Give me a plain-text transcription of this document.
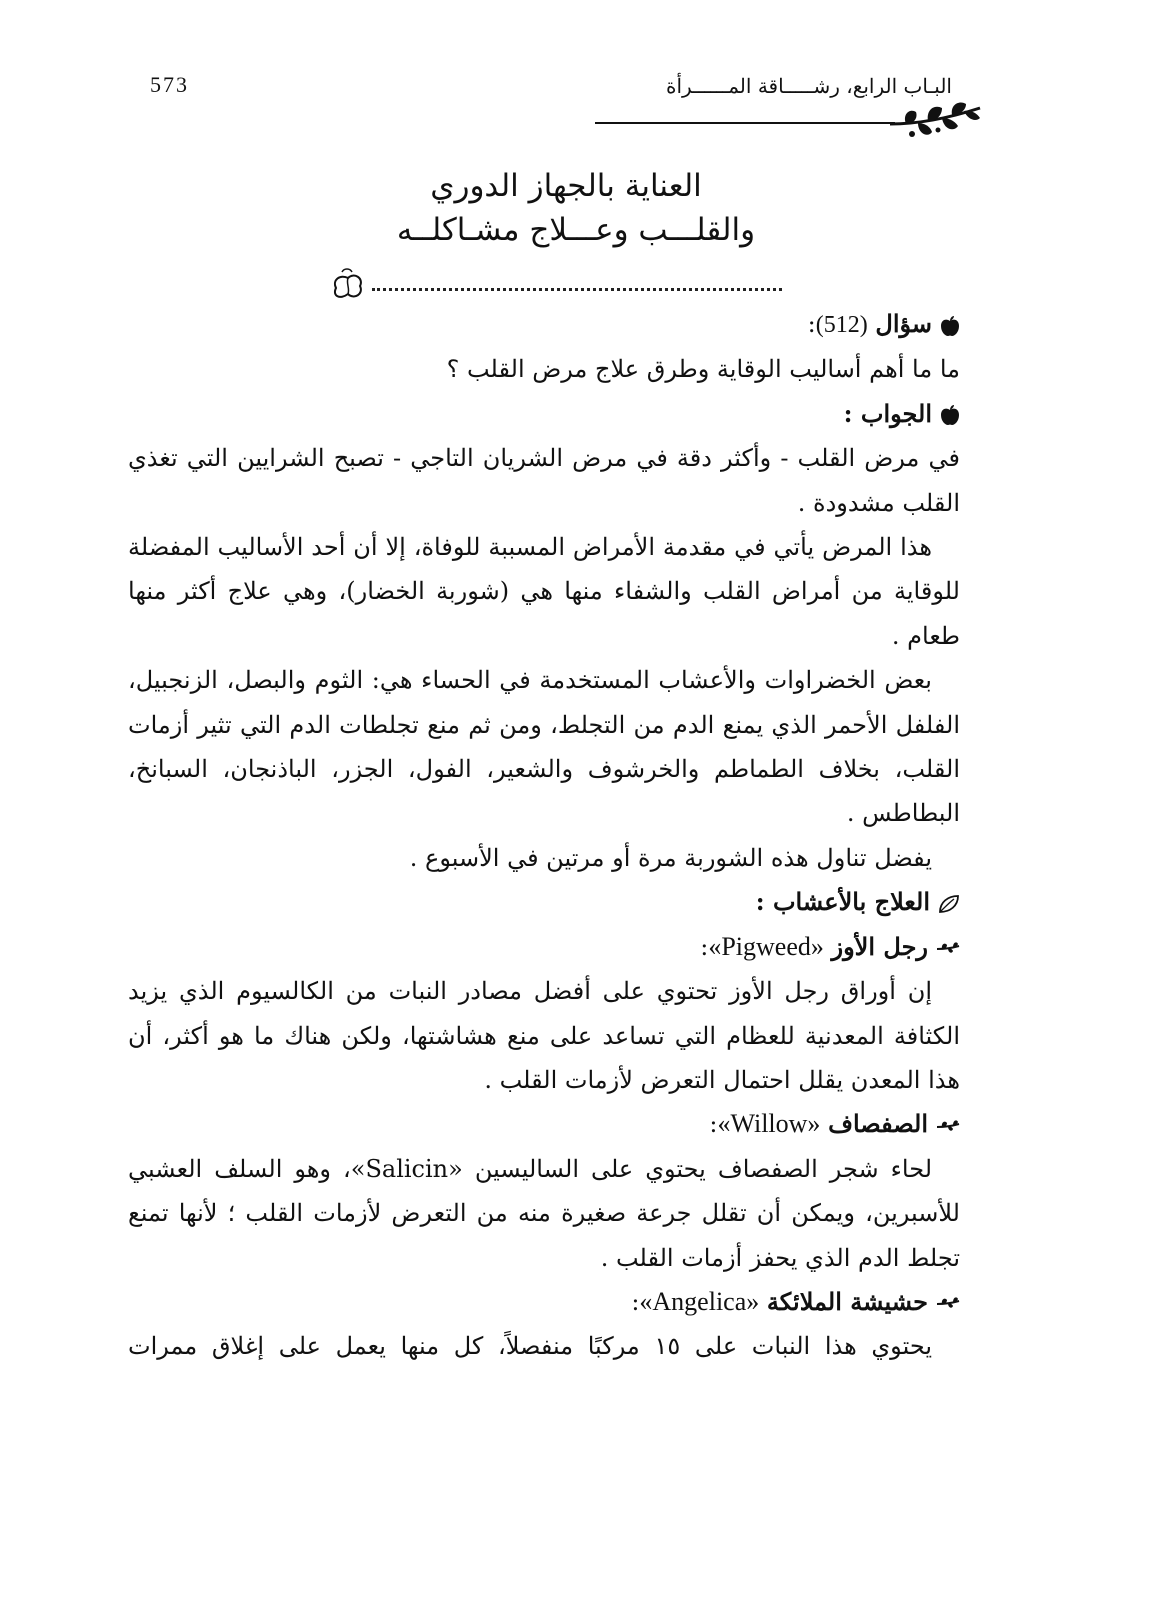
573	البـاب الرابع، رشـــــاقة المــــــرأة
العناية بالجهاز الدوري
والقلـــب وعـــلاج مشـاكلــه
سؤال (512):

ما ما أهم أساليب الوقاية وطرق علاج مرض القلب ؟

الجواب :

في مرض القلب - وأكثر دقة في مرض الشريان التاجي - تصبح الشرايين التي تغذي القلب مشدودة .

هذا المرض يأتي في مقدمة الأمراض المسببة للوفاة، إلا أن أحد الأساليب المفضلة للوقاية من أمراض القلب والشفاء منها هي (شوربة الخضار)، وهي علاج أكثر منها طعام .

بعض الخضراوات والأعشاب المستخدمة في الحساء هي: الثوم والبصل، الزنجبيل، الفلفل الأحمر الذي يمنع الدم من التجلط، ومن ثم منع تجلطات الدم التي تثير أزمات القلب، بخلاف الطماطم والخرشوف والشعير، الفول، الجزر، الباذنجان، السبانخ، البطاطس .

يفضل تناول هذه الشوربة مرة أو مرتين في الأسبوع .

العلاج بالأعشاب :
رجل الأوز «Pigweed»:

إن أوراق رجل الأوز تحتوي على أفضل مصادر النبات من الكالسيوم الذي يزيد الكثافة المعدنية للعظام التي تساعد على منع هشاشتها، ولكن هناك ما هو أكثر، أن هذا المعدن يقلل احتمال التعرض لأزمات القلب .

الصفصاف «Willow»:

لحاء شجر الصفصاف يحتوي على الساليسين «Salicin»، وهو السلف العشبي للأسبرين، ويمكن أن تقلل جرعة صغيرة منه من التعرض لأزمات القلب ؛ لأنها تمنع تجلط الدم الذي يحفز أزمات القلب .

حشيشة الملائكة «Angelica»:

يحتوي هذا النبات على ١٥ مركبًا منفصلاً، كل منها يعمل على إغلاق ممرات
